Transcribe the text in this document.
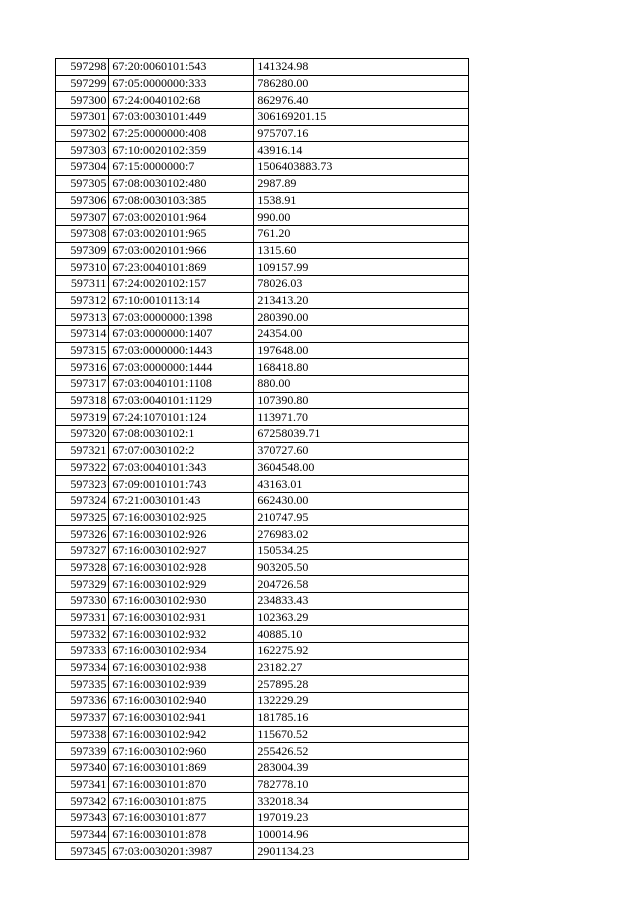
597298	67:20:0060101:543	141324.98
597299	67:05:0000000:333	786280.00
597300	67:24:0040102:68	862976.40
597301	67:03:0030101:449	306169201.15
597302	67:25:0000000:408	975707.16
597303	67:10:0020102:359	43916.14
597304	67:15:0000000:7	1506403883.73
597305	67:08:0030102:480	2987.89
597306	67:08:0030103:385	1538.91
597307	67:03:0020101:964	990.00
597308	67:03:0020101:965	761.20
597309	67:03:0020101:966	1315.60
597310	67:23:0040101:869	109157.99
597311	67:24:0020102:157	78026.03
597312	67:10:0010113:14	213413.20
597313	67:03:0000000:1398	280390.00
597314	67:03:0000000:1407	24354.00
597315	67:03:0000000:1443	197648.00
597316	67:03:0000000:1444	168418.80
597317	67:03:0040101:1108	880.00
597318	67:03:0040101:1129	107390.80
597319	67:24:1070101:124	113971.70
597320	67:08:0030102:1	67258039.71
597321	67:07:0030102:2	370727.60
597322	67:03:0040101:343	3604548.00
597323	67:09:0010101:743	43163.01
597324	67:21:0030101:43	662430.00
597325	67:16:0030102:925	210747.95
597326	67:16:0030102:926	276983.02
597327	67:16:0030102:927	150534.25
597328	67:16:0030102:928	903205.50
597329	67:16:0030102:929	204726.58
597330	67:16:0030102:930	234833.43
597331	67:16:0030102:931	102363.29
597332	67:16:0030102:932	40885.10
597333	67:16:0030102:934	162275.92
597334	67:16:0030102:938	23182.27
597335	67:16:0030102:939	257895.28
597336	67:16:0030102:940	132229.29
597337	67:16:0030102:941	181785.16
597338	67:16:0030102:942	115670.52
597339	67:16:0030102:960	255426.52
597340	67:16:0030101:869	283004.39
597341	67:16:0030101:870	782778.10
597342	67:16:0030101:875	332018.34
597343	67:16:0030101:877	197019.23
597344	67:16:0030101:878	100014.96
597345	67:03:0030201:3987	2901134.23
